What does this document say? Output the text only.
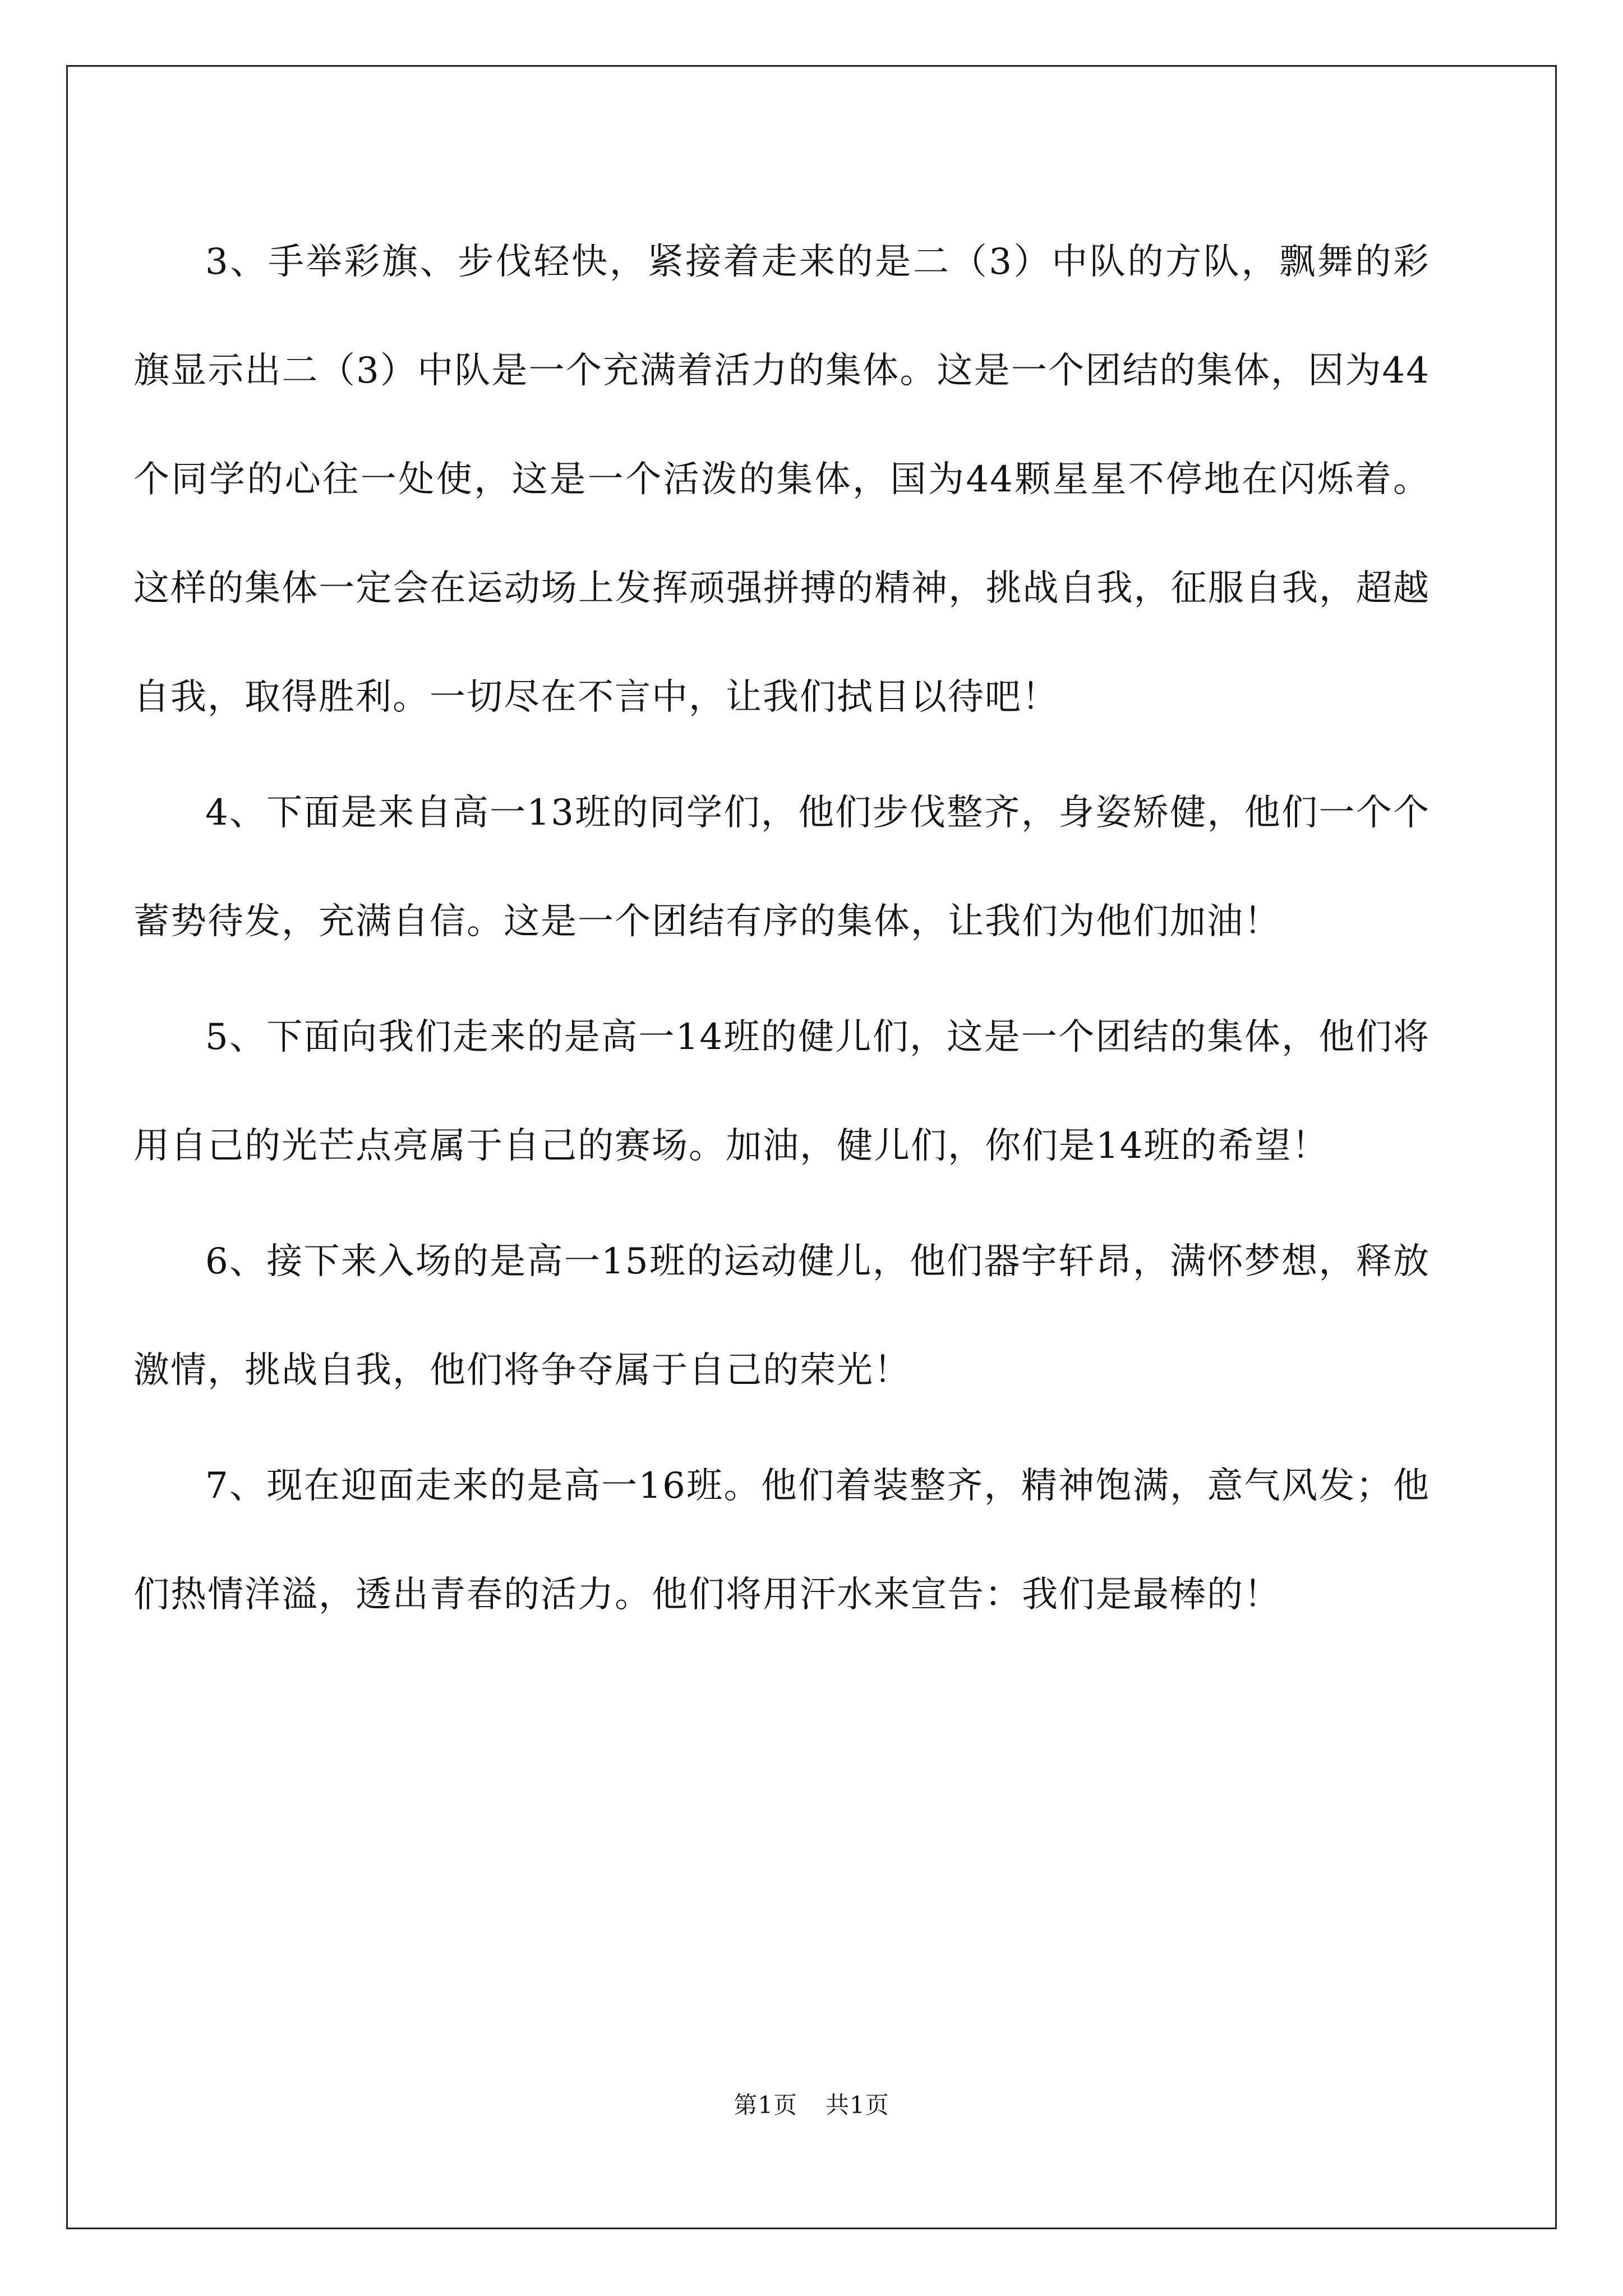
3、手举彩旗、步伐轻快，紧接着走来的是二（3）中队的方队，飘舞的彩旗显示出二（3）中队是一个充满着活力的集体。这是一个团结的集体，因为44个同学的心往一处使，这是一个活泼的集体，国为44颗星星不停地在闪烁着。这样的集体一定会在运动场上发挥顽强拼搏的精神，挑战自我，征服自我，超越自我，取得胜利。一切尽在不言中，让我们拭目以待吧！

4、下面是来自高一13班的同学们，他们步伐整齐，身姿矫健，他们一个个蓄势待发，充满自信。这是一个团结有序的集体，让我们为他们加油！

5、下面向我们走来的是高一14班的健儿们，这是一个团结的集体，他们将用自己的光芒点亮属于自己的赛场。加油，健儿们，你们是14班的希望！

6、接下来入场的是高一15班的运动健儿，他们器宇轩昂，满怀梦想，释放激情，挑战自我，他们将争夺属于自己的荣光！

7、现在迎面走来的是高一16班。他们着装整齐，精神饱满，意气风发；他们热情洋溢，透出青春的活力。他们将用汗水来宣告：我们是最棒的！

第1页 共1页
